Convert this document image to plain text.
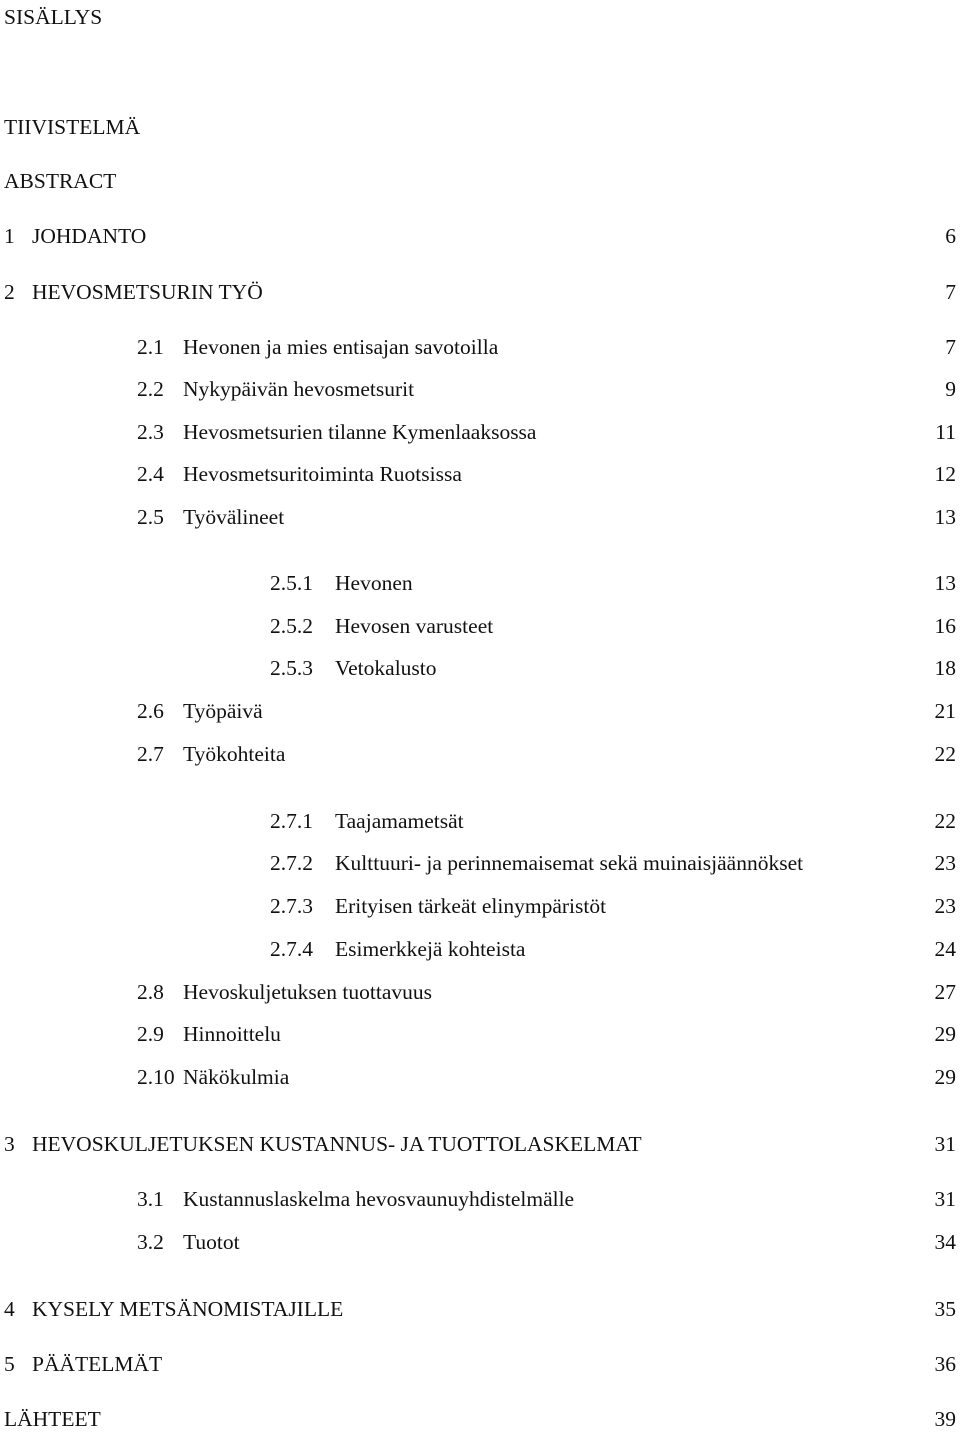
SISÄLLYS
TIIVISTELMÄ
ABSTRACT
1 JOHDANTO	6
2 HEVOSMETSURIN TYÖ	7
2.1 Hevonen ja mies entisajan savotoilla	7
2.2 Nykypäivän hevosmetsurit	9
2.3 Hevosmetsurien tilanne Kymenlaaksossa	11
2.4 Hevosmetsuritoiminta Ruotsissa	12
2.5 Työvälineet	13
2.5.1 Hevonen	13
2.5.2 Hevosen varusteet	16
2.5.3 Vetokalusto	18
2.6 Työpäivä	21
2.7 Työkohteita	22
2.7.1 Taajamametsät	22
2.7.2 Kulttuuri- ja perinnemaisemat sekä muinaisjäännökset	23
2.7.3 Erityisen tärkeät elinympäristöt	23
2.7.4 Esimerkkejä kohteista	24
2.8 Hevoskuljetuksen tuottavuus	27
2.9 Hinnoittelu	29
2.10 Näkökulmia	29
3 HEVOSKULJETUKSEN KUSTANNUS- JA TUOTTOLASKELMAT	31
3.1 Kustannuslaskelma hevosvaunuyhdistelmälle	31
3.2 Tuotot	34
4 KYSELY METSÄNOMISTAJILLE	35
5 PÄÄTELMÄT	36
LÄHTEET	39
